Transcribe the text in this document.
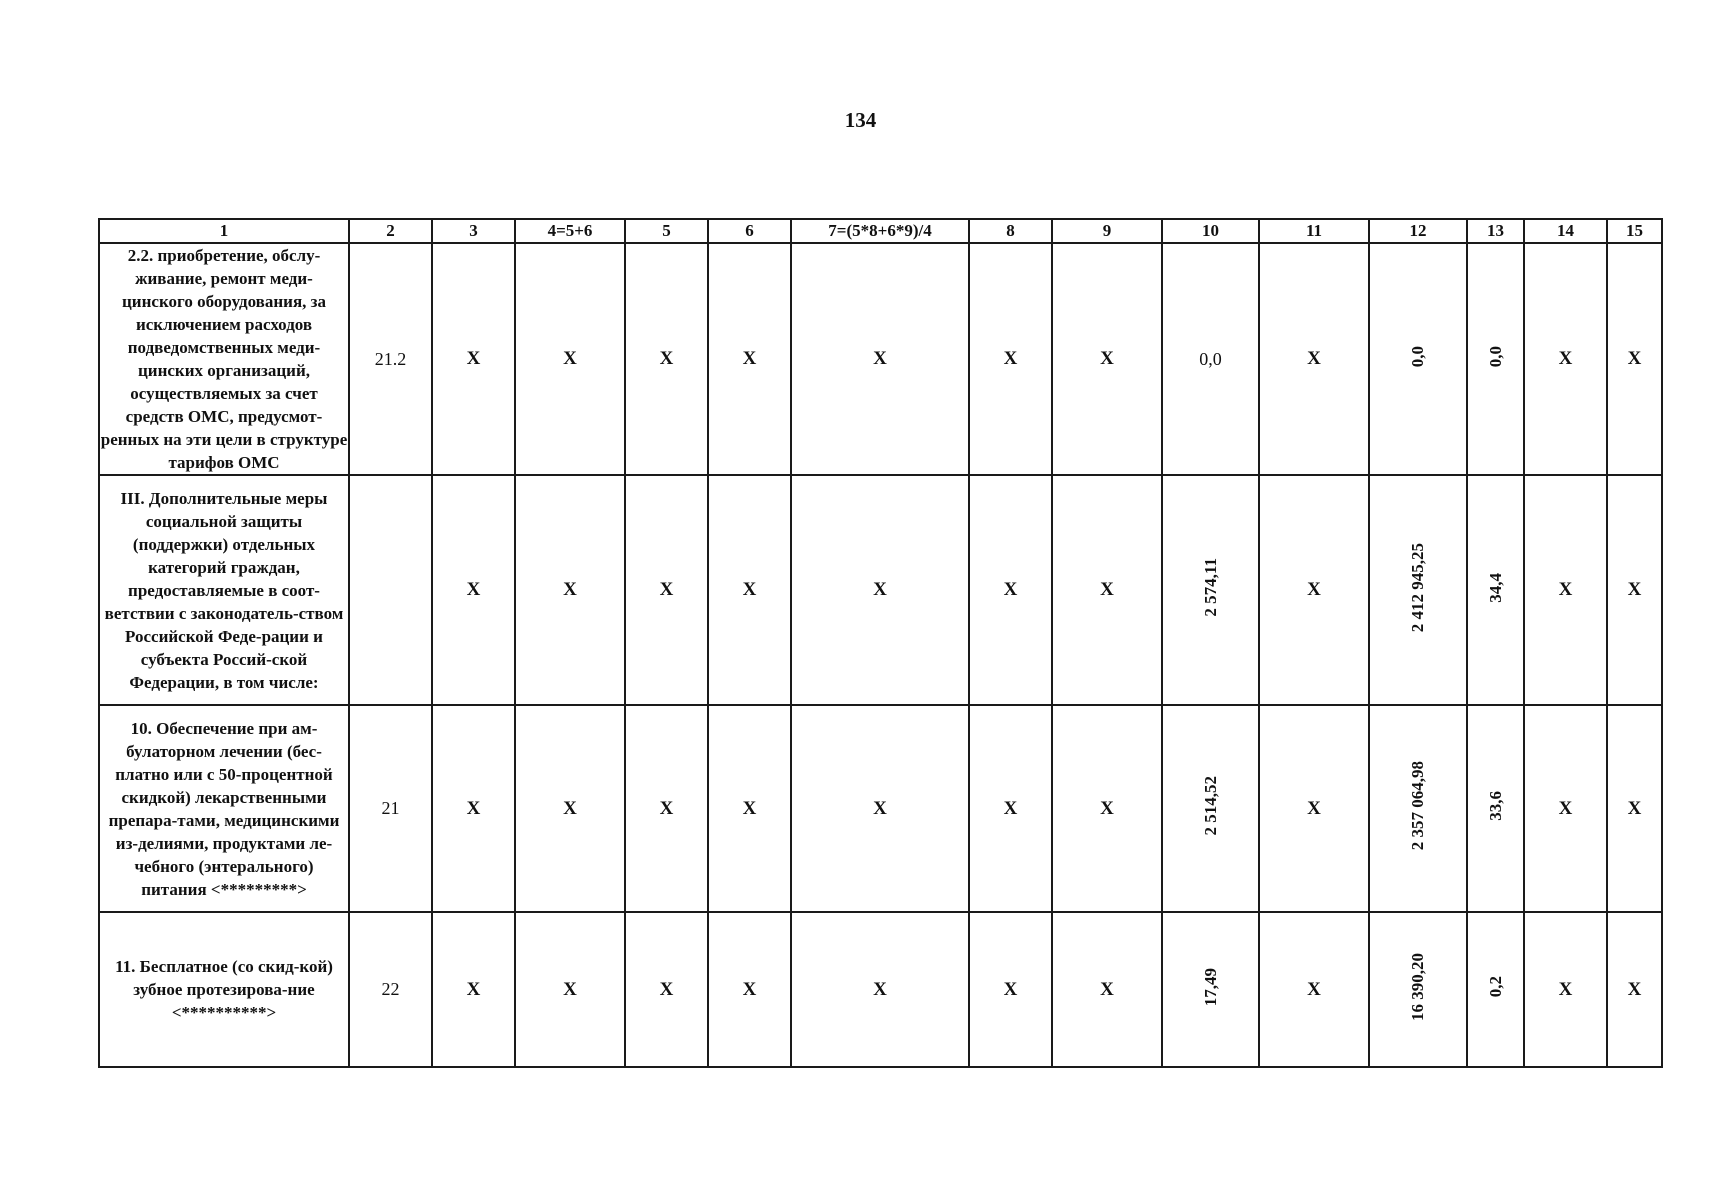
134
1	2	3	4=5+6	5	6	7=(5*8+6*9)/4	8	9	10	11	12	13	14	15
2.2. приобретение, обслу-живание, ремонт меди-цинского оборудования, за исключением расходов подведомственных меди-цинских организаций, осуществляемых за счет средств ОМС, предусмот-ренных на эти цели в структуре тарифов ОМС	21.2	X	X	X	X	X	X	X	0,0	X	0,0	0,0	X	X
III. Дополнительные меры социальной защиты (поддержки) отдельных категорий граждан, предоставляемые в соот-ветствии с законодатель-ством Российской Феде-рации и субъекта Россий-ской Федерации, в том числе:		X	X	X	X	X	X	X	2 574,11	X	2 412 945,25	34,4	X	X
10. Обеспечение при ам-булаторном лечении (бес-платно или с 50-процентной скидкой) лекарственными препара-тами, медицинскими из-делиями, продуктами ле-чебного (энтерального) питания <*********>	21	X	X	X	X	X	X	X	2 514,52	X	2 357 064,98	33,6	X	X
11. Бесплатное (со скид-кой) зубное протезирова-ние <**********>	22	X	X	X	X	X	X	X	17,49	X	16 390,20	0,2	X	X
